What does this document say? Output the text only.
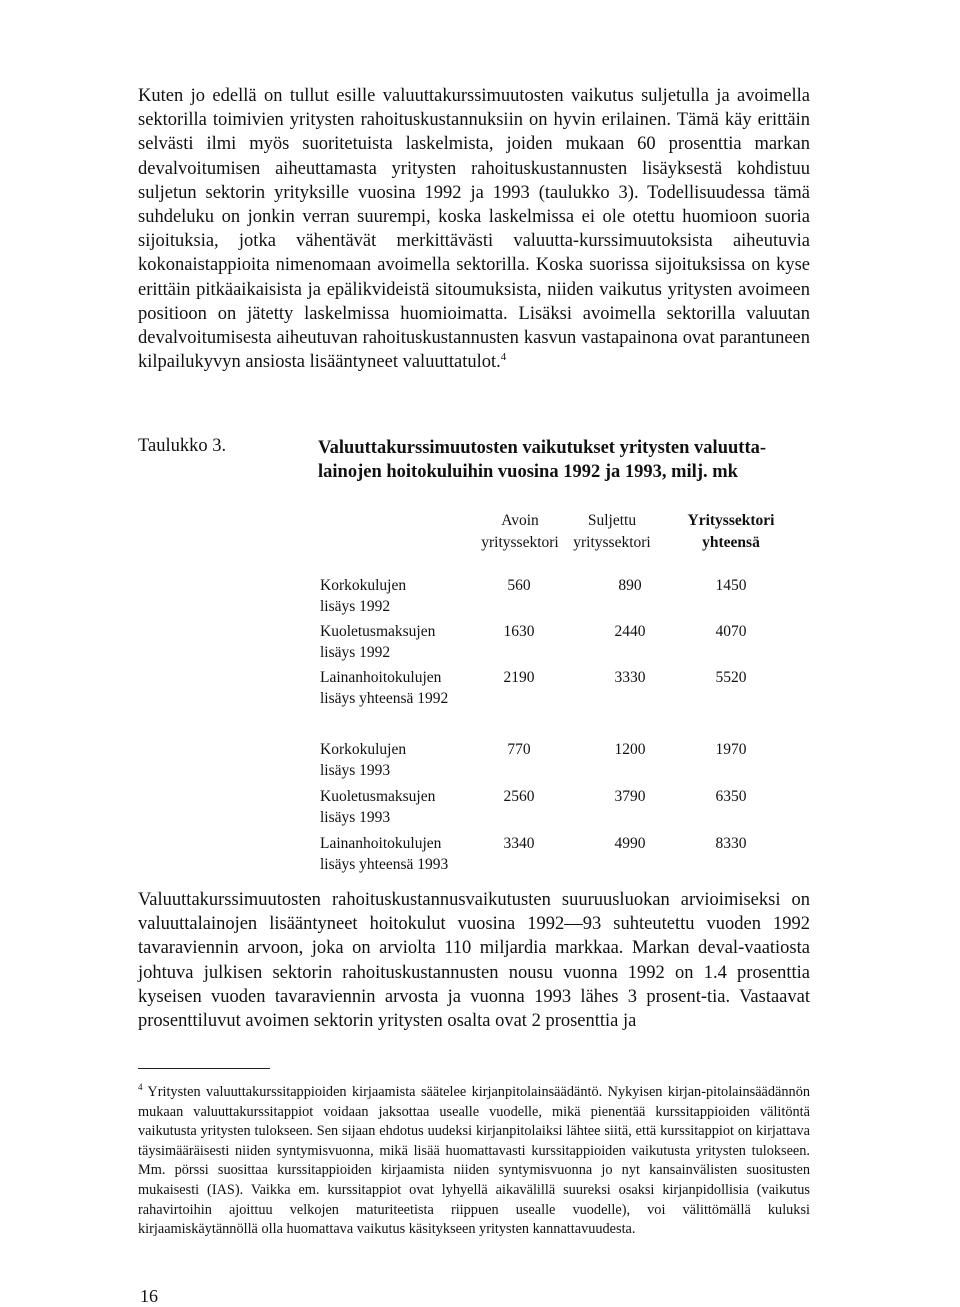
Kuten jo edellä on tullut esille valuuttakurssimuutosten vaikutus suljetulla ja avoimella sektorilla toimivien yritysten rahoituskustannuksiin on hyvin erilainen. Tämä käy erittäin selvästi ilmi myös suoritetuista laskelmista, joiden mukaan 60 prosenttia markan devalvoitumisen aiheuttamasta yritysten rahoituskustannusten lisäyksestä kohdistuu suljetun sektorin yrityksille vuosina 1992 ja 1993 (taulukko 3). Todellisuudessa tämä suhdeluku on jonkin verran suurempi, koska laskelmissa ei ole otettu huomioon suoria sijoituksia, jotka vähentävät merkittävästi valuutta-kurssimuutoksista aiheutuvia kokonaistappioita nimenomaan avoimella sektorilla. Koska suorissa sijoituksissa on kyse erittäin pitkäaikaisista ja epälikvideistä sitoumuksista, niiden vaikutus yritysten avoimeen positioon on jätetty laskelmissa huomioimatta. Lisäksi avoimella sektorilla valuutan devalvoitumisesta aiheutuvan rahoituskustannusten kasvun vastapainona ovat parantuneen kilpailukyvyn ansiosta lisääntyneet valuuttatulot.$^4$

Taulukko 3.	Valuuttakurssimuutosten vaikutukset yritysten valuutta-lainojen hoitokuluihin vuosina 1992 ja 1993, milj. mk
Avoin
yrityssektori
Suljettu
yrityssektori
Yrityssektori
yhteensä
Korkokulujen
lisäys 1992
560	890	1450
Kuoletusmaksujen
lisäys 1992
1630	2440	4070
Lainanhoitokulujen
lisäys yhteensä 1992
2190	3330	5520
Korkokulujen
lisäys 1993
770	1200	1970
Kuoletusmaksujen
lisäys 1993
2560	3790	6350
Lainanhoitokulujen
lisäys yhteensä 1993
3340	4990	8330

Valuuttakurssimuutosten rahoituskustannusvaikutusten suuruusluokan arvioimiseksi on valuuttalainojen lisääntyneet hoitokulut vuosina 1992—93 suhteutettu vuoden 1992 tavaraviennin arvoon, joka on arviolta 110 miljardia markkaa. Markan deval-vaatiosta johtuva julkisen sektorin rahoituskustannusten nousu vuonna 1992 on 1.4 prosenttia kyseisen vuoden tavaraviennin arvosta ja vuonna 1993 lähes 3 prosent-tia. Vastaavat prosenttiluvut avoimen sektorin yritysten osalta ovat 2 prosenttia ja

$^4$ Yritysten valuuttakurssitappioiden kirjaamista säätelee kirjanpitolainsäädäntö. Nykyisen kirjan-pitolainsäädännön mukaan valuuttakurssitappiot voidaan jaksottaa usealle vuodelle, mikä pienentää kurssitappioiden välitöntä vaikutusta yritysten tulokseen. Sen sijaan ehdotus uudeksi kirjanpitolaiksi lähtee siitä, että kurssitappiot on kirjattava täysimääräisesti niiden syntymisvuonna, mikä lisää huomattavasti kurssitappioiden vaikutusta yritysten tulokseen. Mm. pörssi suosittaa kurssitappioiden kirjaamista niiden syntymisvuonna jo nyt kansainvälisten suositusten mukaisesti (IAS). Vaikka em. kurssitappiot ovat lyhyellä aikavälillä suureksi osaksi kirjanpidollisia (vaikutus rahavirtoihin ajoittuu velkojen maturiteetista riippuen usealle vuodelle), voi välittömällä kuluksi kirjaamiskäytännöllä olla huomattava vaikutus käsitykseen yritysten kannattavuudesta.

16
